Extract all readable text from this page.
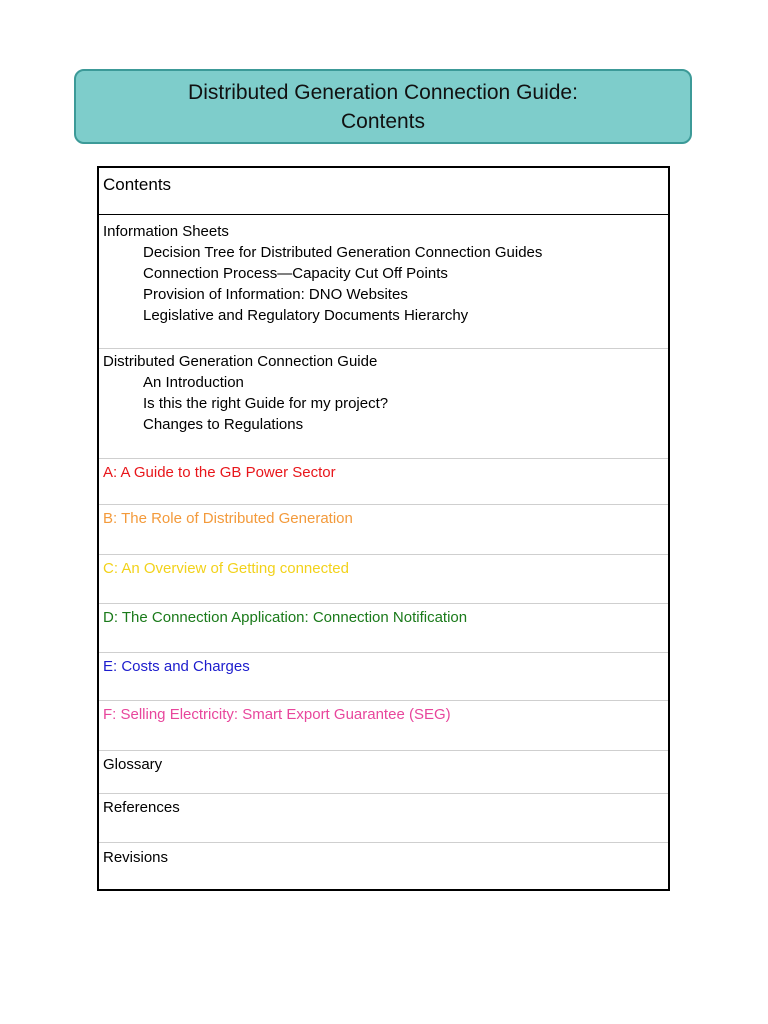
Distributed Generation Connection Guide:
Contents
Contents
Information Sheets
Decision Tree for Distributed Generation Connection Guides
Connection Process—Capacity Cut Off Points
Provision of Information: DNO Websites
Legislative and Regulatory Documents Hierarchy
Distributed Generation Connection Guide
An Introduction
Is this the right Guide for my project?
Changes to Regulations
A: A Guide to the GB Power Sector
B: The Role of Distributed Generation
C: An Overview of Getting connected
D: The Connection Application: Connection Notification
E: Costs and Charges
F: Selling Electricity: Smart Export Guarantee (SEG)
Glossary
References
Revisions
